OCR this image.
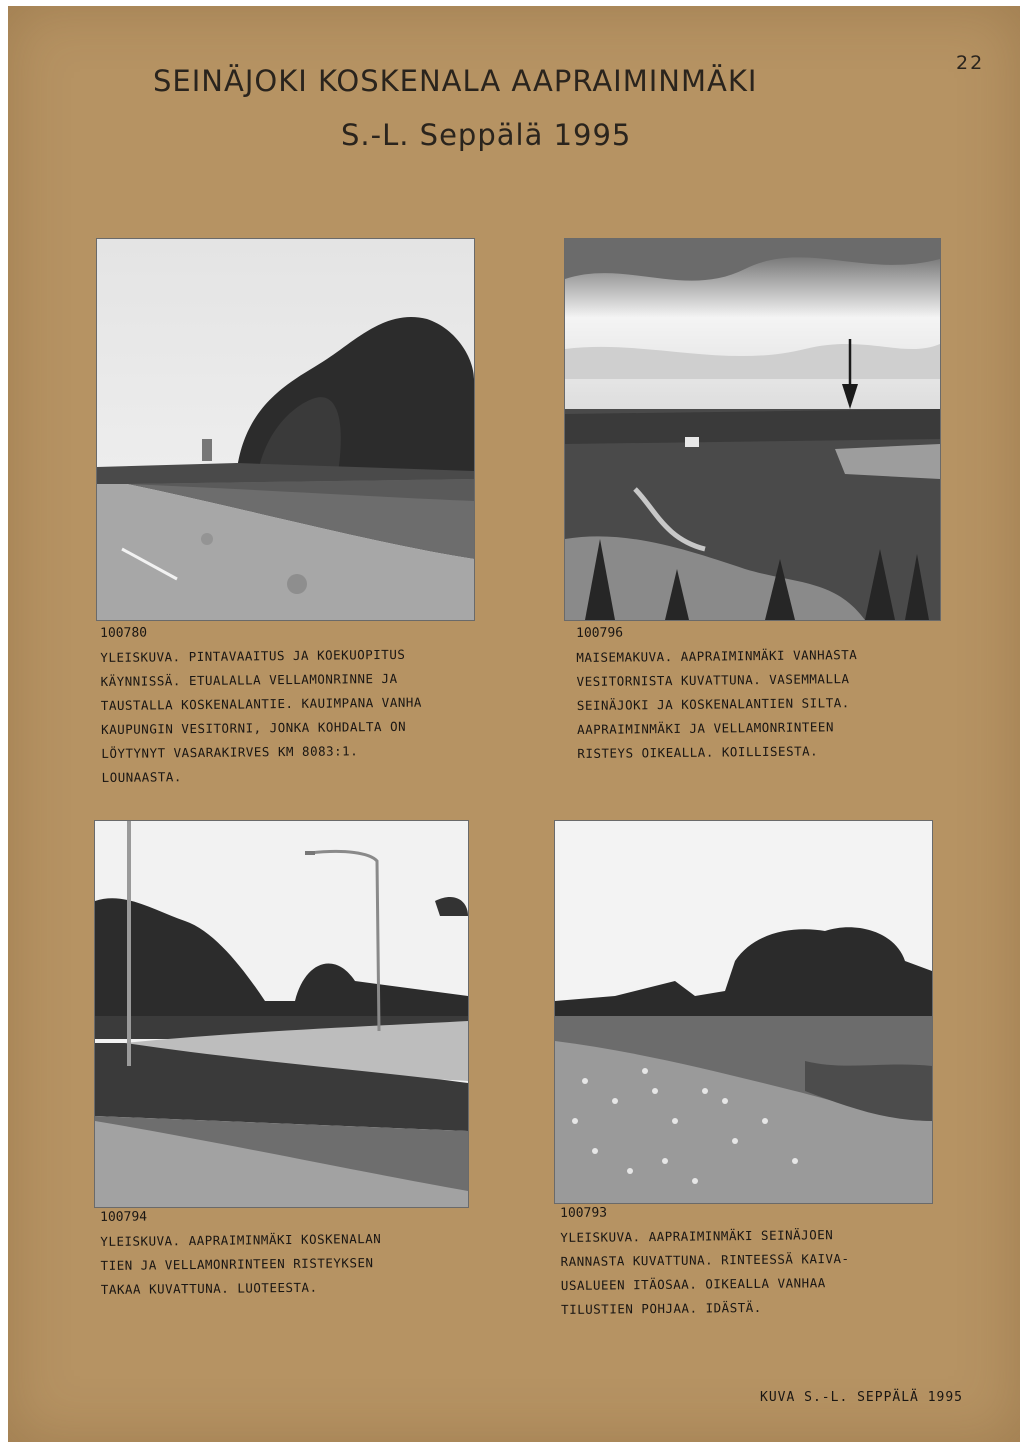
SEINÄJOKI KOSKENALA AAPRAIMINMÄKI
S.-L. Seppälä 1995
22
100780
YLEISKUVA. PINTAVAAITUS JA KOEKUOPITUS
KÄYNNISSÄ. ETUALALLA VELLAMONRINNE JA
TAUSTALLA KOSKENALANTIE. KAUIMPANA VANHA
KAUPUNGIN VESITORNI, JONKA KOHDALTA ON
LÖYTYNYT VASARAKIRVES KM 8083:1.
LOUNAASTA.
100796
MAISEMAKUVA. AAPRAIMINMÄKI VANHASTA
VESITORNISTA KUVATTUNA. VASEMMALLA
SEINÄJOKI JA KOSKENALANTIEN SILTA.
AAPRAIMINMÄKI JA VELLAMONRINTEEN
RISTEYS OIKEALLA. KOILLISESTA.
100794
YLEISKUVA. AAPRAIMINMÄKI KOSKENALAN
TIEN JA VELLAMONRINTEEN RISTEYKSEN
TAKAA KUVATTUNA. LUOTEESTA.
100793
YLEISKUVA. AAPRAIMINMÄKI SEINÄJOEN
RANNASTA KUVATTUNA. RINTEESSÄ KAIVA-
USALUEEN ITÄOSAA. OIKEALLA VANHAA
TILUSTIEN POHJAA. IDÄSTÄ.
KUVA S.-L. SEPPÄLÄ 1995
